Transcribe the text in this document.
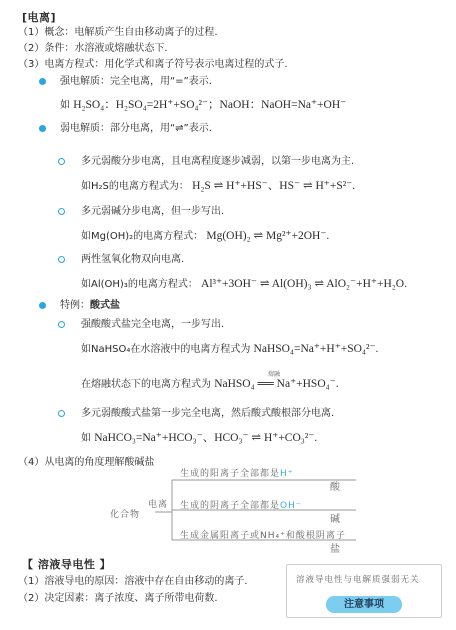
[电离]
（1）概念：电解质产生自由移动离子的过程.
（2）条件：水溶液或熔融状态下.
（3）电离方程式：用化学式和离子符号表示电离过程的式子.
强电解质：完全电离，用“=”表示.
如 H₂SO₄：H₂SO₄=2H⁺+SO₄²⁻；NaOH：NaOH=Na⁺+OH⁻
弱电解质：部分电离，用“⇌”表示.
多元弱酸分步电离，且电离程度逐步减弱，以第一步电离为主.
如H₂S的电离方程式为： H₂S ⇌ H⁺+HS⁻、HS⁻ ⇌ H⁺+S²⁻.
多元弱碱分步电离，但一步写出.
如Mg(OH)₂的电离方程式： Mg(OH)₂ ⇌ Mg²⁺+2OH⁻.
两性氢氧化物双向电离.
如Al(OH)₃的电离方程式： Al³⁺+3OH⁻ ⇌ Al(OH)₃ ⇌ AlO₂⁻+H⁺+H₂O.
特例：酸式盐
强酸酸式盐完全电离，一步写出.
如NaHSO₄在水溶液中的电离方程式为 NaHSO₄=Na⁺+H⁺+SO₄²⁻.
熔融
在熔融状态下的电离方程式为 NaHSO₄ ══ Na⁺+HSO₄⁻.
多元弱酸酸式盐第一步完全电离，然后酸式酸根部分电离.
如 NaHCO₃=Na⁺+HCO₃⁻、HCO₃⁻ ⇌ H⁺+CO₃²⁻.
（4）从电离的角度理解酸碱盐
化合物
电离
生成的阳离子全部都是H⁺
酸
生成的阴离子全部都是OH⁻
碱
生成金属阳离子或NH₄⁺和酸根阴离子
盐
【 溶液导电性 】
（1）溶液导电的原因：溶液中存在自由移动的离子.
（2）决定因素：离子浓度、离子所带电荷数.
溶液导电性与电解质强弱无关
注意事项
